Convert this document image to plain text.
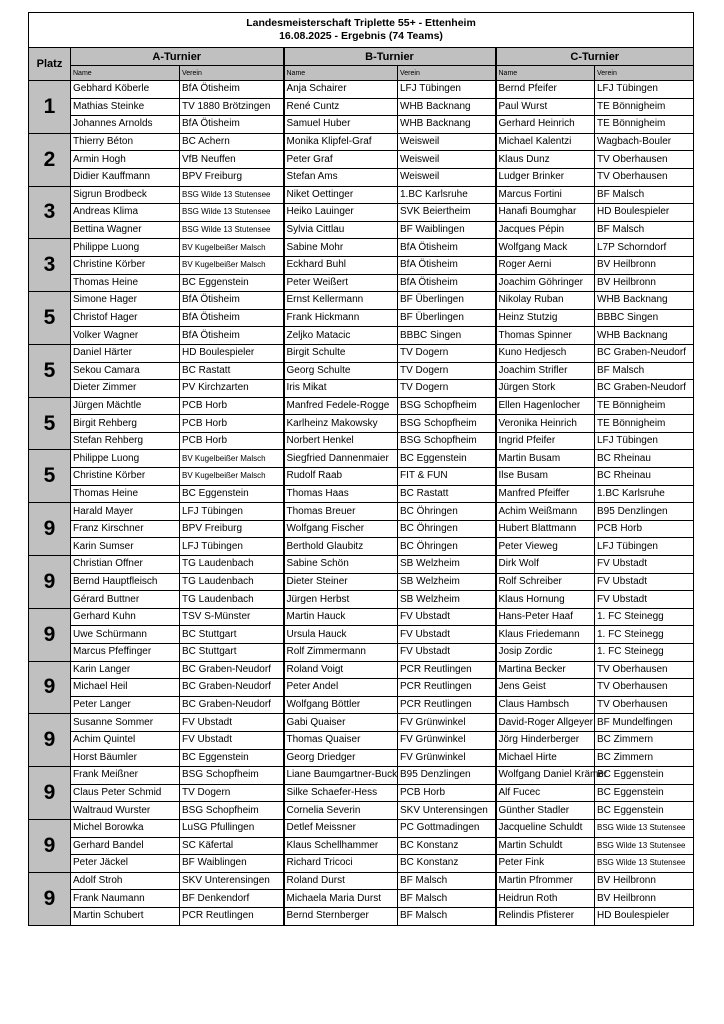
Landesmeisterschaft Triplette 55+ - Ettenheim
16.08.2025 - Ergebnis (74 Teams)						

Platz	A-Turnier		B-Turnier		C-Turnier	
	Name	Verein	Name	Verein	Name	Verein
1	Gebhard Köberle	BfA Ötisheim	Anja Schairer	LFJ Tübingen	Bernd Pfeifer	LFJ Tübingen
	Mathias Steinke	TV 1880 Brötzingen	René Cuntz	WHB Backnang	Paul Wurst	TE Bönnigheim
	Johannes Arnolds	BfA Ötisheim	Samuel Huber	WHB Backnang	Gerhard Heinrich	TE Bönnigheim
2	Thierry Béton	BC Achern	Monika Klipfel-Graf	Weisweil	Michael Kalentzi	Wagbach-Bouler
	Armin Hogh	VfB Neuffen	Peter Graf	Weisweil	Klaus Dunz	TV Oberhausen
	Didier Kauffmann	BPV Freiburg	Stefan Ams	Weisweil	Ludger Brinker	TV Oberhausen
3	Sigrun Brodbeck	BSG Wilde 13 Stutensee	Niket Oettinger	1.BC Karlsruhe	Marcus Fortini	BF Malsch
	Andreas Klima	BSG Wilde 13 Stutensee	Heiko Lauinger	SVK Beiertheim	Hanafi Boumghar	HD Boulespieler
	Bettina Wagner	BSG Wilde 13 Stutensee	Sylvia Cittlau	BF Waiblingen	Jacques Pépin	BF Malsch
3	Philippe Luong	BV Kugelbeißer Malsch	Sabine Mohr	BfA Ötisheim	Wolfgang Mack	L7P Schorndorf
	Christine Körber	BV Kugelbeißer Malsch	Eckhard Buhl	BfA Ötisheim	Roger Aerni	BV Heilbronn
	Thomas Heine	BC Eggenstein	Peter Weißert	BfA Ötisheim	Joachim Göhringer	BV Heilbronn
5	Simone Hager	BfA Ötisheim	Ernst Kellermann	BF Überlingen	Nikolay Ruban	WHB Backnang
	Christof Hager	BfA Ötisheim	Frank Hickmann	BF Überlingen	Heinz Stutzig	BBBC Singen
	Volker Wagner	BfA Ötisheim	Zeljko Matacic	BBBC Singen	Thomas Spinner	WHB Backnang
5	Daniel Härter	HD Boulespieler	Birgit Schulte	TV Dogern	Kuno Hedjesch	BC Graben-Neudorf
	Sekou Camara	BC Rastatt	Georg Schulte	TV Dogern	Joachim Strifler	BF Malsch
	Dieter Zimmer	PV Kirchzarten	Iris Mikat	TV Dogern	Jürgen Stork	BC Graben-Neudorf
5	Jürgen Mächtle	PCB Horb	Manfred Fedele-Rogge	BSG Schopfheim	Ellen Hagenlocher	TE Bönnigheim
	Birgit Rehberg	PCB Horb	Karlheinz Makowsky	BSG Schopfheim	Veronika Heinrich	TE Bönnigheim
	Stefan Rehberg	PCB Horb	Norbert Henkel	BSG Schopfheim	Ingrid Pfeifer	LFJ Tübingen
5	Philippe Luong	BV Kugelbeißer Malsch	Siegfried Dannenmaier	BC Eggenstein	Martin Busam	BC Rheinau
	Christine Körber	BV Kugelbeißer Malsch	Rudolf Raab	FIT & FUN	Ilse Busam	BC Rheinau
	Thomas Heine	BC Eggenstein	Thomas Haas	BC Rastatt	Manfred Pfeiffer	1.BC Karlsruhe
9	Harald Mayer	LFJ Tübingen	Thomas Breuer	BC Öhringen	Achim Weißmann	B95 Denzlingen
	Franz Kirschner	BPV Freiburg	Wolfgang Fischer	BC Öhringen	Hubert Blattmann	PCB Horb
	Karin Sumser	LFJ Tübingen	Berthold Glaubitz	BC Öhringen	Peter Vieweg	LFJ Tübingen
9	Christian Offner	TG Laudenbach	Sabine Schön	SB Welzheim	Dirk Wolf	FV Ubstadt
	Bernd Hauptfleisch	TG Laudenbach	Dieter Steiner	SB Welzheim	Rolf Schreiber	FV Ubstadt
	Gérard Buttner	TG Laudenbach	Jürgen Herbst	SB Welzheim	Klaus Hornung	FV Ubstadt
9	Gerhard Kuhn	TSV S-Münster	Martin Hauck	FV Ubstadt	Hans-Peter Haaf	1. FC Steinegg
	Uwe Schürmann	BC Stuttgart	Ursula Hauck	FV Ubstadt	Klaus Friedemann	1. FC Steinegg
	Marcus Pfeffinger	BC Stuttgart	Rolf Zimmermann	FV Ubstadt	Josip Zordic	1. FC Steinegg
9	Karin Langer	BC Graben-Neudorf	Roland Voigt	PCR Reutlingen	Martina Becker	TV Oberhausen
	Michael Heil	BC Graben-Neudorf	Peter Andel	PCR Reutlingen	Jens Geist	TV Oberhausen
	Peter Langer	BC Graben-Neudorf	Wolfgang Böttler	PCR Reutlingen	Claus Hambsch	TV Oberhausen
9	Susanne Sommer	FV Ubstadt	Gabi Quaiser	FV Grünwinkel	David-Roger Allgeyer	BF Mundelfingen
	Achim Quintel	FV Ubstadt	Thomas Quaiser	FV Grünwinkel	Jörg Hinderberger	BC Zimmern
	Horst Bäumler	BC Eggenstein	Georg Driedger	FV Grünwinkel	Michael Hirte	BC Zimmern
9	Frank Meißner	BSG Schopfheim	Liane Baumgartner-Buck	B95 Denzlingen	Wolfgang Daniel Krämer	BC Eggenstein
	Claus Peter Schmid	TV Dogern	Silke Schaefer-Hess	PCB Horb	Alf Fucec	BC Eggenstein
	Waltraud Wurster	BSG Schopfheim	Cornelia Severin	SKV Unterensingen	Günther Stadler	BC Eggenstein
9	Michel Borowka	LuSG Pfullingen	Detlef Meissner	PC Gottmadingen	Jacqueline Schuldt	BSG Wilde 13 Stutensee
	Gerhard Bandel	SC Käfertal	Klaus Schellhammer	BC Konstanz	Martin Schuldt	BSG Wilde 13 Stutensee
	Peter Jäckel	BF Waiblingen	Richard Tricoci	BC Konstanz	Peter Fink	BSG Wilde 13 Stutensee
9	Adolf Stroh	SKV Unterensingen	Roland Durst	BF Malsch	Martin Pfrommer	BV Heilbronn
	Frank Naumann	BF Denkendorf	Michaela Maria Durst	BF Malsch	Heidrun Roth	BV Heilbronn
	Martin Schubert	PCR Reutlingen	Bernd Sternberger	BF Malsch	Relindis Pfisterer	HD Boulespieler
